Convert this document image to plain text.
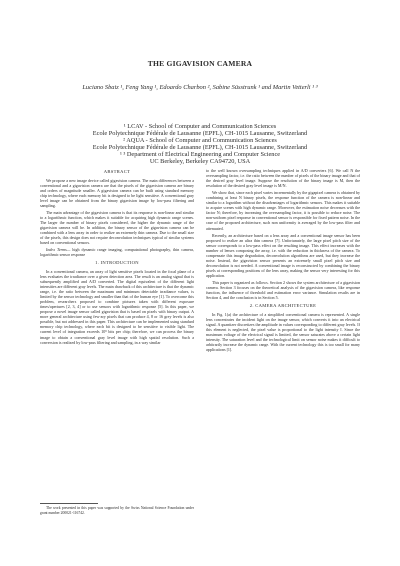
THE GIGAVISION CAMERA
Luciano Sbaiz ¹, Feng Yang ¹, Edoardo Charbon ², Sabine Süsstrunk ¹ and Martin Vetterli ¹ ³
¹ LCAV - School of Computer and Communication Sciences
Ecole Polytechnique Fédérale de Lausanne (EPFL), CH-1015 Lausanne, Switzerland
² AQUA - School of Computer and Communication Sciences
Ecole Polytechnique Fédérale de Lausanne (EPFL), CH-1015 Lausanne, Switzerland
¹ ³ Department of Electrical Engineering and Computer Science
UC Berkeley, Berkeley CA94720, USA
ABSTRACT

We propose a new image device called gigavision camera. The main differences between a conventional and a gigavision camera are that the pixels of the gigavision camera are binary and orders of magnitude smaller. A gigavision camera can be built using standard memory chip technology, where each memory bit is designed to be light sensitive. A conventional gray level image can be obtained from the binary gigavision image by low-pass filtering and sampling.

The main advantage of the gigavision camera is that its response is non-linear and similar to a logarithmic function, which makes it suitable for acquiring high dynamic range scenes. The larger the number of binary pixels considered, the higher the dynamic range of the gigavision camera will be. In addition, the binary sensor of the gigavision camera can be combined with a lens array in order to realize an extremely thin camera. Due to the small size of the pixels, this design does not require deconvolution techniques typical of similar systems based on conventional sensors.

Index Terms— high dynamic range imaging, computational photography, thin camera, logarithmic sensor response

1. INTRODUCTION

In a conventional camera, an array of light sensitive pixels located in the focal plane of a lens evaluates the irradiance over a given detection area. The result is an analog signal that is subsequently amplified and A/D converted. The digital equivalent of the different light intensities are different gray levels. The main drawback of this architecture is that the dynamic range, i.e. the ratio between the maximum and minimum detectable irradiance values, is limited by the sensor technology and smaller than that of the human eye [1]. To overcome this problem, researchers proposed to combine pictures taken with different exposure times/apertures [2, 3, 4] or to use sensors with logarithmic response [5]. In this paper, we propose a novel image sensor called gigavision that is based on pixels with binary output. A more general architecture using few-ary pixels that can produce 4, 8 or 16 grey levels is also possible, but not addressed in this paper. This architecture can be implemented using standard memory chip technology, where each bit is designed to be sensitive to visible light. The current level of integration exceeds 10⁹ bits per chip; therefore, we can process the binary image to obtain a conventional gray level image with high spatial resolution. Such a conversion is realized by low-pass filtering and sampling, in a way similar

to the well known oversampling techniques applied in A/D converters [6]. We call N the oversampling factor, i.e. the ratio between the number of pixels of the binary image and that of the desired gray level image. Suppose the resolution of the binary image is M, then the resolution of the desired gray level image is M/N.

We show that, since each pixel varies incrementally by the gigapixel camera is obtained by combining at least N binary pixels, the response function of the camera is non-linear and similar to a logarithm without the disadvantages of logarithmic sensors. This makes it suitable to acquire scenes with high dynamic range. Moreover, the estimation noise decreases with the factor N; therefore, by increasing the oversampling factor, it is possible to reduce noise. The non-uniform pixel response in conventional sensor is responsible for fixed pattern noise. In the case of the proposed architecture, such non uniformity is averaged by the low-pass filter and attenuated.

Recently, an architecture based on a lens array and a conventional image sensor has been proposed to realize an ultra thin camera [7]. Unfortunately, the large pixel pitch size of the sensor corresponds to a low-pass effect on the resulting image. This effect increases with the number of lenses composing the array, i.e. with the reduction in thickness of the camera. To compensate this image degradation, deconvolution algorithms are used, but they increase the noise. Instead, the gigavision sensor presents an extremely small pixel pitch size and deconvolution is not needed. A conventional image is reconstructed by combining the binary pixels at corresponding positions of the lens array, making the sensor very interesting for this application.

This paper is organized as follows. Section 2 shows the system architecture of a gigavision camera. Section 3 focuses on the theoretical analysis of the gigavision camera, like response function, the influence of threshold and estimation error variance. Simulation results are in Section 4, and the conclusion is in Section 5.

2. CAMERA ARCHITECTURE

In Fig. 1(a) the architecture of a simplified conventional camera is represented. A single lens concentrates the incident light on the image sensor, which converts it into an electrical signal. A quantizer discretizes the amplitude in values corresponding to different gray levels. If this element is neglected, the pixel value is proportional to the light intensity I. Since the maximum voltage of the electrical signal is limited, the sensor saturates above a certain light intensity. The saturation level and the technological limit on sensor noise makes it difficult to arbitrarily increase the dynamic range. With the current technology this is too small for many applications [1].

The work presented in this paper was supported by the Swiss National Science Foundation under grant number 200021-116742.
